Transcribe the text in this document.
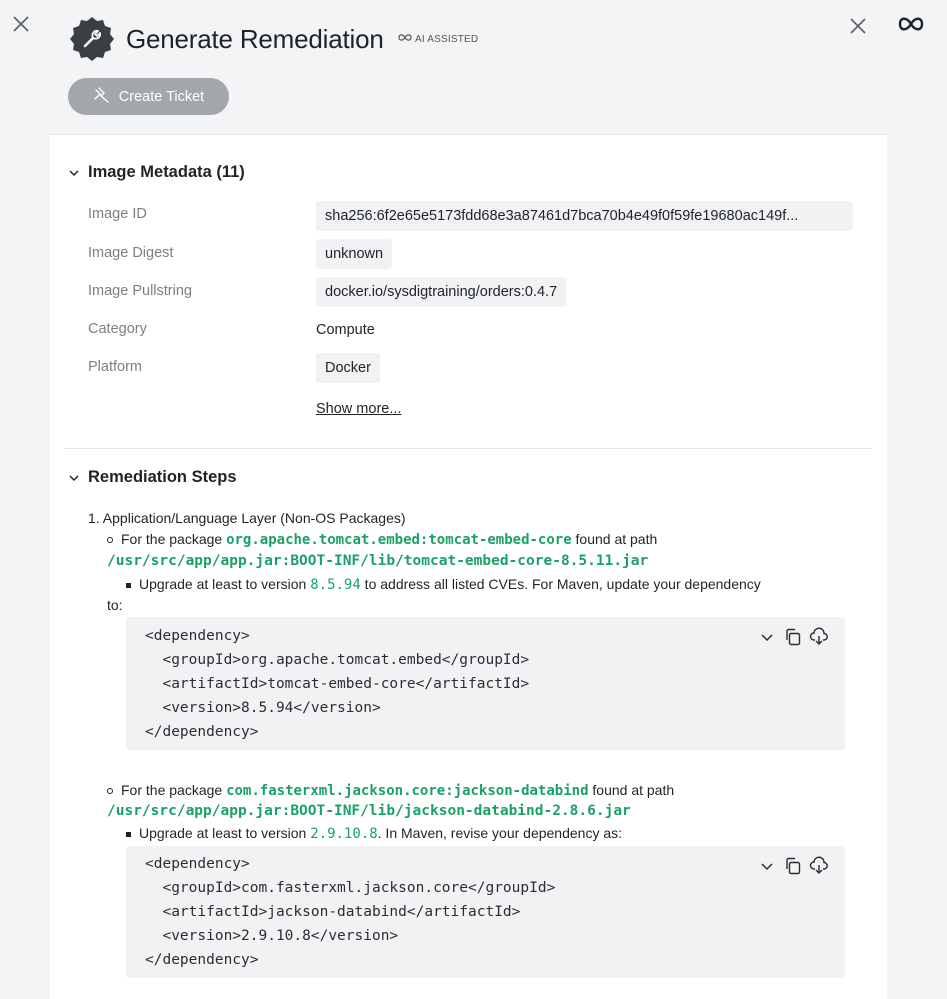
Generate Remediation	AI ASSISTED
Create Ticket
Image Metadata (11)
Image ID	sha256:6f2e65e5173fdd68e3a87461d7bca70b4e49f0f59fe19680ac149f...
Image Digest	unknown
Image Pullstring	docker.io/sysdigtraining/orders:0.4.7
Category	Compute
Platform	Docker
Show more...
Remediation Steps
1. Application/Language Layer (Non-OS Packages)
For the package org.apache.tomcat.embed:tomcat-embed-core found at path
/usr/src/app/app.jar:BOOT-INF/lib/tomcat-embed-core-8.5.11.jar
Upgrade at least to version 8.5.94 to address all listed CVEs. For Maven, update your dependency
to:
<dependency>
<groupId>org.apache.tomcat.embed</groupId>
<artifactId>tomcat-embed-core</artifactId>
<version>8.5.94</version>
</dependency>
For the package com.fasterxml.jackson.core:jackson-databind found at path
/usr/src/app/app.jar:BOOT-INF/lib/jackson-databind-2.8.6.jar
Upgrade at least to version 2.9.10.8. In Maven, revise your dependency as:
<dependency>
<groupId>com.fasterxml.jackson.core</groupId>
<artifactId>jackson-databind</artifactId>
<version>2.9.10.8</version>
</dependency>
